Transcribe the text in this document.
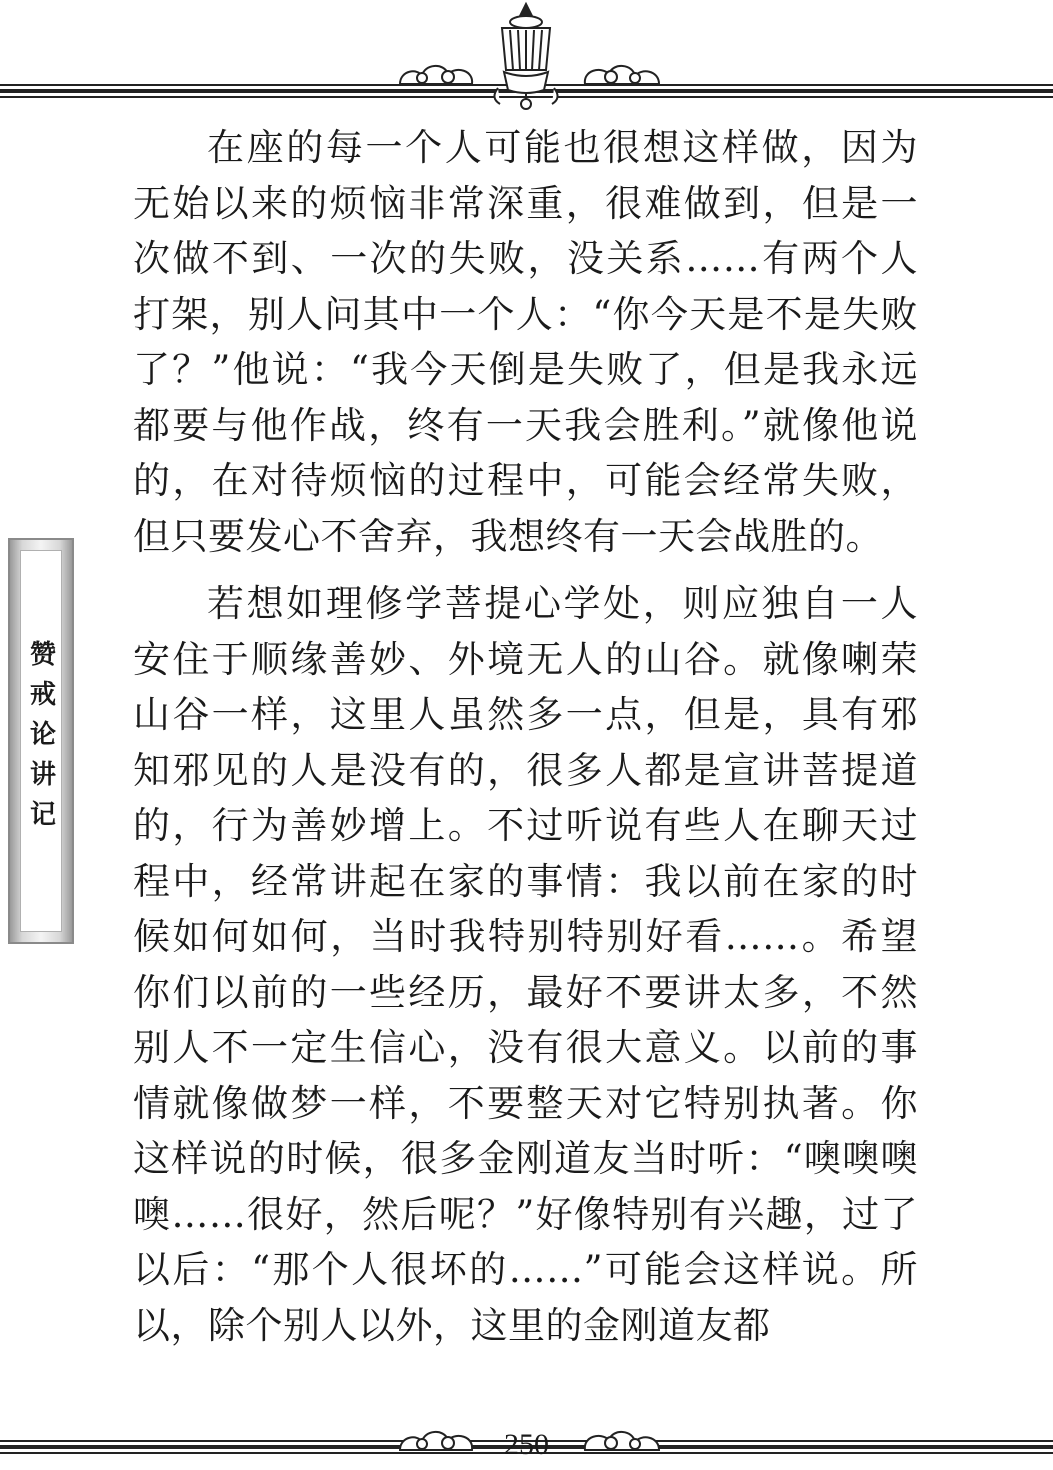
赞戒论讲记

在座的每一个人可能也很想这样做，因为无始以来的烦恼非常深重，很难做到，但是一次做不到、一次的失败，没关系……有两个人打架，别人问其中一个人：“你今天是不是失败了？”他说：“我今天倒是失败了，但是我永远都要与他作战，终有一天我会胜利。”就像他说的，在对待烦恼的过程中，可能会经常失败，但只要发心不舍弃，我想终有一天会战胜的。

若想如理修学菩提心学处，则应独自一人安住于顺缘善妙、外境无人的山谷。就像喇荣山谷一样，这里人虽然多一点，但是，具有邪知邪见的人是没有的，很多人都是宣讲菩提道的，行为善妙增上。不过听说有些人在聊天过程中，经常讲起在家的事情：我以前在家的时候如何如何，当时我特别特别好看……。希望你们以前的一些经历，最好不要讲太多，不然别人不一定生信心，没有很大意义。以前的事情就像做梦一样，不要整天对它特别执著。你这样说的时候，很多金刚道友当时听：“噢噢噢噢……很好，然后呢？”好像特别有兴趣，过了以后：“那个人很坏的……”可能会这样说。所以，除个别人以外，这里的金刚道友都

250
